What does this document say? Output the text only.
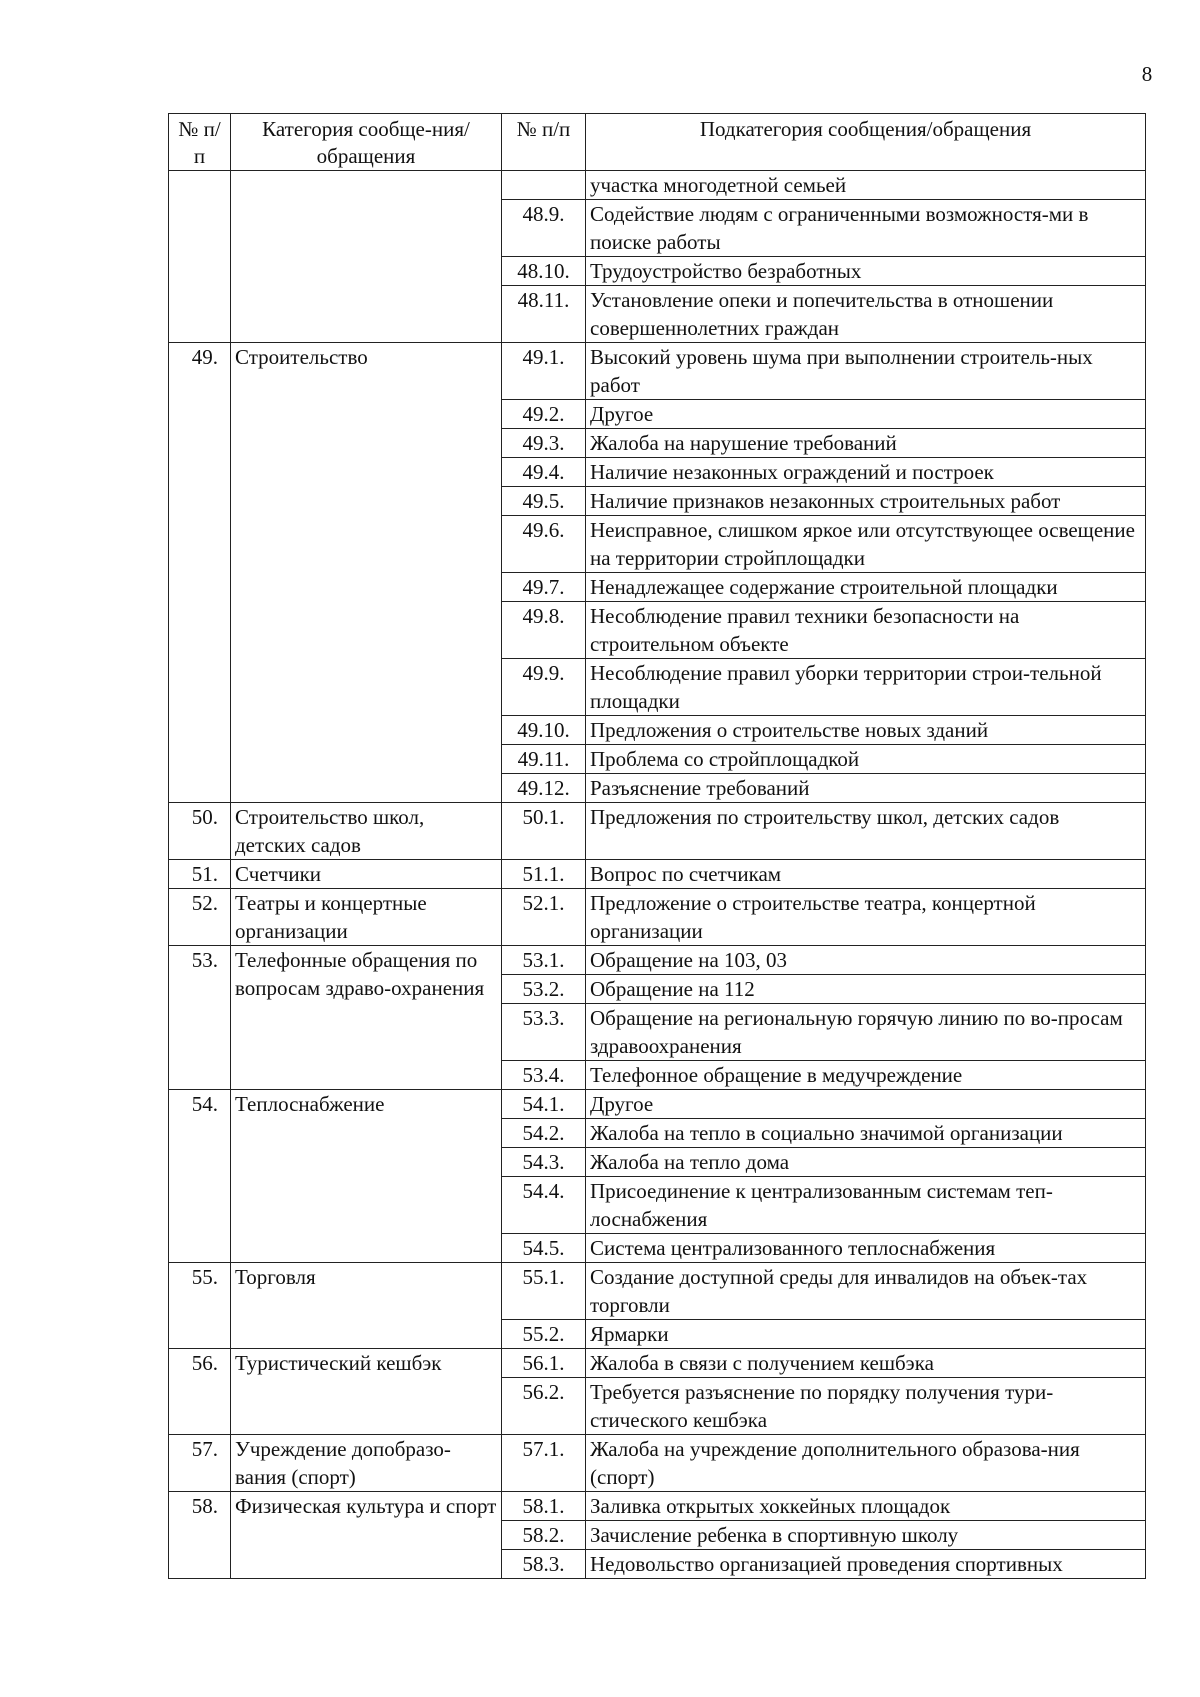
8
№ п/п	Категория сообще-ния/обращения	№ п/п	Подкатегория сообщения/обращения
			участка многодетной семьей
		48.9.	Содействие людям с ограниченными возможностя-ми в поиске работы
		48.10.	Трудоустройство безработных
		48.11.	Установление опеки и попечительства в отношении совершеннолетних граждан
49.	Строительство	49.1.	Высокий уровень шума при выполнении строитель-ных работ
		49.2.	Другое
		49.3.	Жалоба на нарушение требований
		49.4.	Наличие незаконных ограждений и построек
		49.5.	Наличие признаков незаконных строительных работ
		49.6.	Неисправное, слишком яркое или отсутствующее освещение на территории стройплощадки
		49.7.	Ненадлежащее содержание строительной площадки
		49.8.	Несоблюдение правил техники безопасности на строительном объекте
		49.9.	Несоблюдение правил уборки территории строи-тельной площадки
		49.10.	Предложения о строительстве новых зданий
		49.11.	Проблема со стройплощадкой
		49.12.	Разъяснение требований
50.	Строительство школ, детских садов	50.1.	Предложения по строительству школ, детских садов
51.	Счетчики	51.1.	Вопрос по счетчикам
52.	Театры и концертные организации	52.1.	Предложение о строительстве театра, концертной организации
53.	Телефонные обращения по вопросам здраво-охранения	53.1.	Обращение на 103, 03
		53.2.	Обращение на 112
		53.3.	Обращение на региональную горячую линию по во-просам здравоохранения
		53.4.	Телефонное обращение в медучреждение
54.	Теплоснабжение	54.1.	Другое
		54.2.	Жалоба на тепло в социально значимой организации
		54.3.	Жалоба на тепло дома
		54.4.	Присоединение к централизованным системам теп-лоснабжения
		54.5.	Система централизованного теплоснабжения
55.	Торговля	55.1.	Создание доступной среды для инвалидов на объек-тах торговли
		55.2.	Ярмарки
56.	Туристический кешбэк	56.1.	Жалоба в связи с получением кешбэка
		56.2.	Требуется разъяснение по порядку получения тури-стического кешбэка
57.	Учреждение допобразо-вания (спорт)	57.1.	Жалоба на учреждение дополнительного образова-ния (спорт)
58.	Физическая культура и спорт	58.1.	Заливка открытых хоккейных площадок
		58.2.	Зачисление ребенка в спортивную школу
		58.3.	Недовольство организацией проведения спортивных
